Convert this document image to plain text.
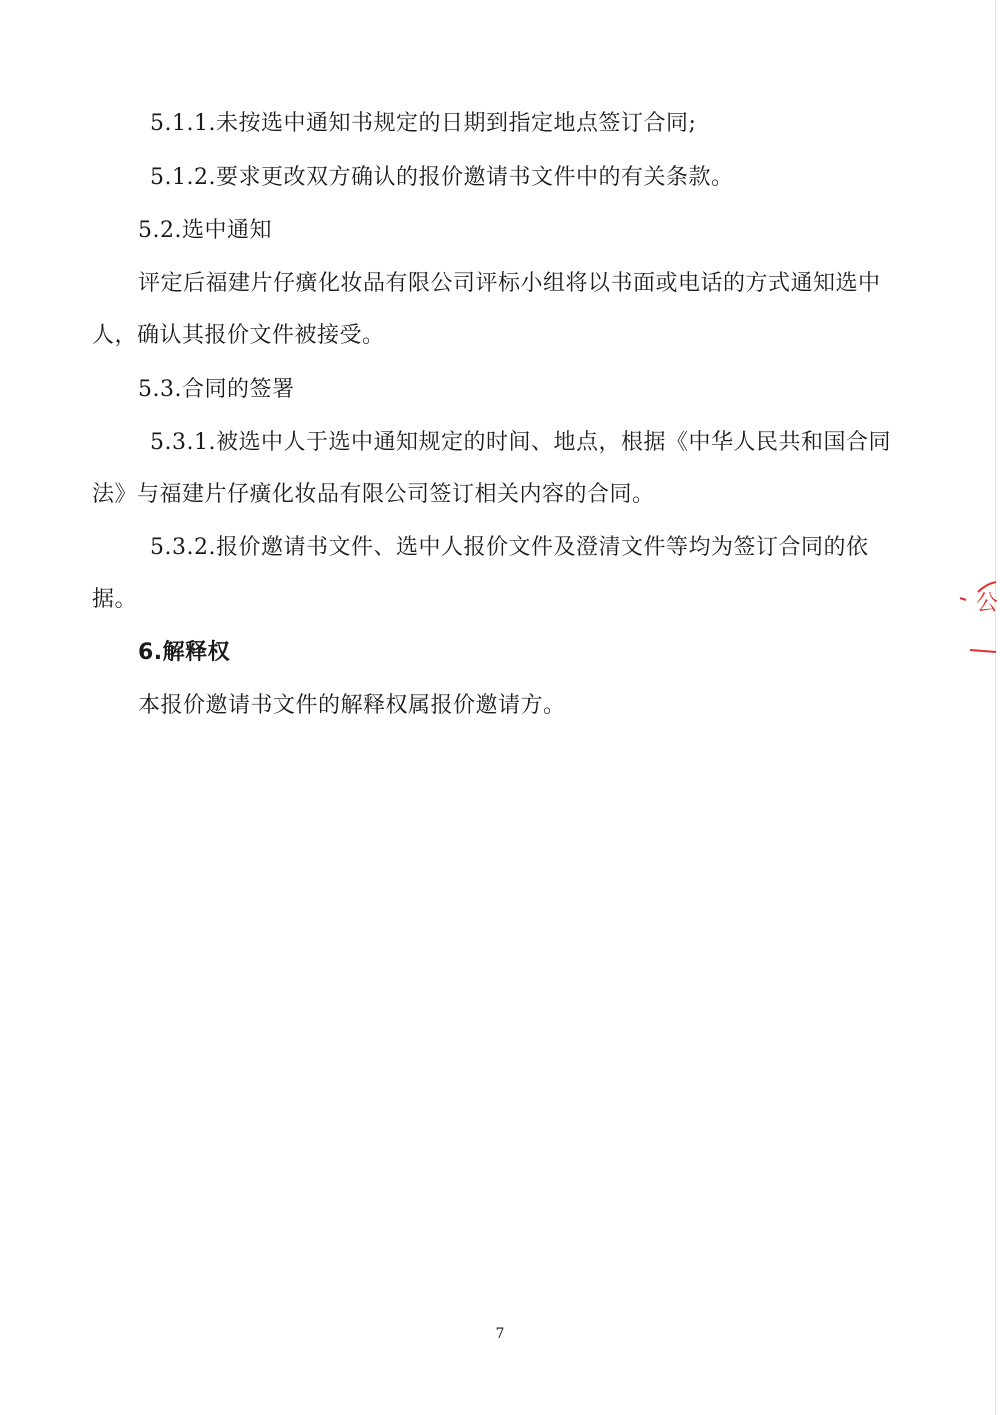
5.1.1.未按选中通知书规定的日期到指定地点签订合同;
5.1.2.要求更改双方确认的报价邀请书文件中的有关条款。
5.2.选中通知
评定后福建片仔癀化妆品有限公司评标小组将以书面或电话的方式通知选中人，确认其报价文件被接受。
5.3.合同的签署
5.3.1.被选中人于选中通知规定的时间、地点，根据《中华人民共和国合同法》与福建片仔癀化妆品有限公司签订相关内容的合同。
5.3.2.报价邀请书文件、选中人报价文件及澄清文件等均为签订合同的依据。
6.解释权
本报价邀请书文件的解释权属报价邀请方。
7
公
